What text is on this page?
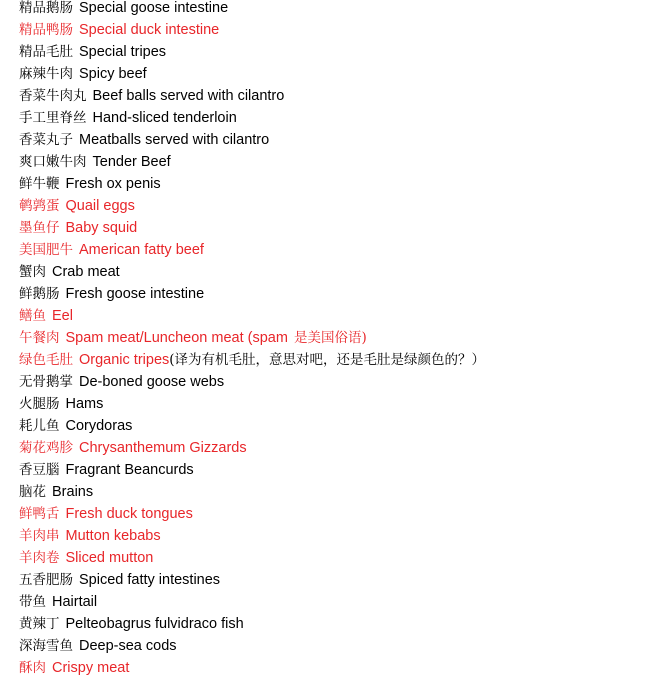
精品鹅肠 Special goose intestine
精品鸭肠 Special duck intestine
精品毛肚 Special tripes
麻辣牛肉 Spicy beef
香菜牛肉丸 Beef balls served with cilantro
手工里脊丝 Hand-sliced tenderloin
香菜丸子 Meatballs served with cilantro
爽口嫩牛肉 Tender Beef
鲜牛鞭 Fresh ox penis
鹌鹑蛋 Quail eggs
墨鱼仔 Baby squid
美国肥牛 American fatty beef
蟹肉 Crab meat
鲜鹅肠 Fresh goose intestine
鳝鱼 Eel
午餐肉 Spam meat/Luncheon meat (spam 是美国俗语)
绿色毛肚 Organic tripes(译为有机毛肚，意思对吧，还是毛肚是绿颜色的？）
无骨鹅掌 De-boned goose webs
火腿肠 Hams
耗儿鱼 Corydoras
菊花鸡胗 Chrysanthemum Gizzards
香豆腦 Fragrant Beancurds
脑花 Brains
鲜鸭舌 Fresh duck tongues
羊肉串 Mutton kebabs
羊肉卷 Sliced mutton
五香肥肠 Spiced fatty intestines
带鱼 Hairtail
黄辣丁 Pelteobagrus fulvidraco fish
深海雪鱼 Deep-sea cods
酥肉 Crispy meat
